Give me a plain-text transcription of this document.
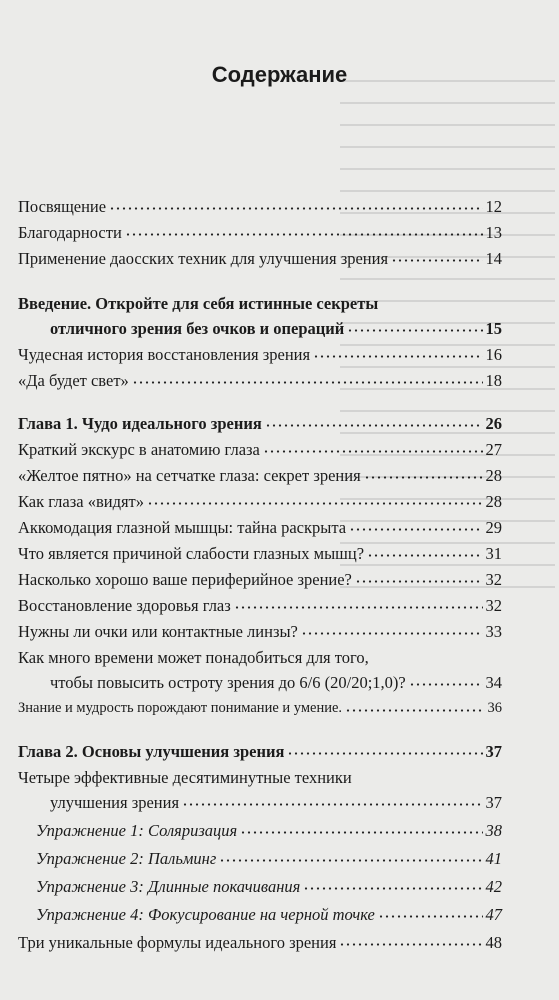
Содержание
Посвящение	12
Благодарности	13
Применение даосских техник для улучшения зрения	14
Введение. Откройте для себя истинные секреты
отличного зрения без очков и операций	15
Чудесная история восстановления зрения	16
«Да будет свет»	18
Глава 1. Чудо идеального зрения	26
Краткий экскурс в анатомию глаза	27
«Желтое пятно» на сетчатке глаза: секрет зрения	28
Как глаза «видят»	28
Аккомодация глазной мышцы: тайна раскрыта	29
Что является причиной слабости глазных мышц?	31
Насколько хорошо ваше периферийное зрение?	32
Восстановление здоровья глаз	32
Нужны ли очки или контактные линзы?	33
Как много времени может понадобиться для того,
чтобы повысить остроту зрения до 6/6 (20/20;1,0)?	34
Знание и мудрость порождают понимание и умение.	36
Глава 2. Основы улучшения зрения	37
Четыре эффективные десятиминутные техники
улучшения зрения	37
Упражнение 1: Соляризация	38
Упражнение 2: Пальминг	41
Упражнение 3: Длинные покачивания	42
Упражнение 4: Фокусирование на черной точке	47
Три уникальные формулы идеального зрения	48
